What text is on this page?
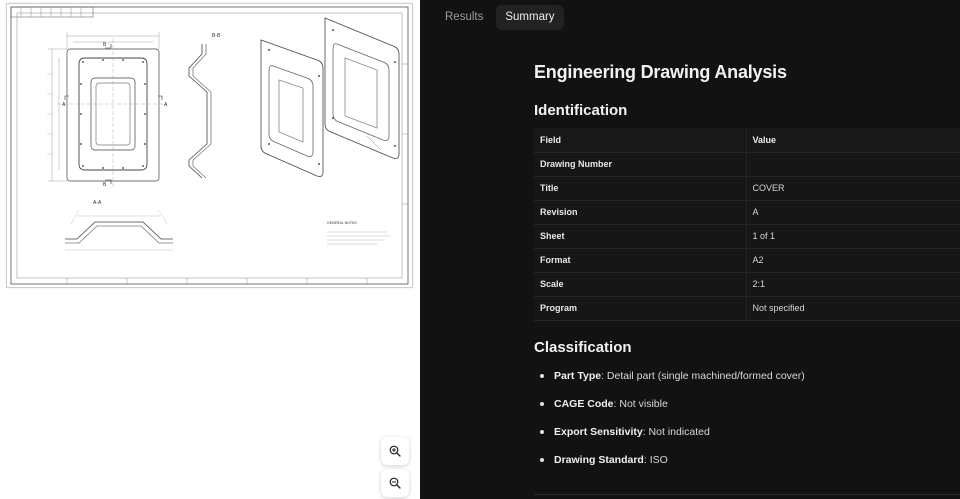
B
B
A	A
B-B
A-A
GENERAL NOTES:
Results	Summary
Engineering Drawing Analysis
Identification
Field	Value
Drawing Number	
Title	COVER
Revision	A
Sheet	1 of 1
Format	A2
Scale	2:1
Program	Not specified
Classification
Part Type: Detail part (single machined/formed cover)
CAGE Code: Not visible
Export Sensitivity: Not indicated
Drawing Standard: ISO
